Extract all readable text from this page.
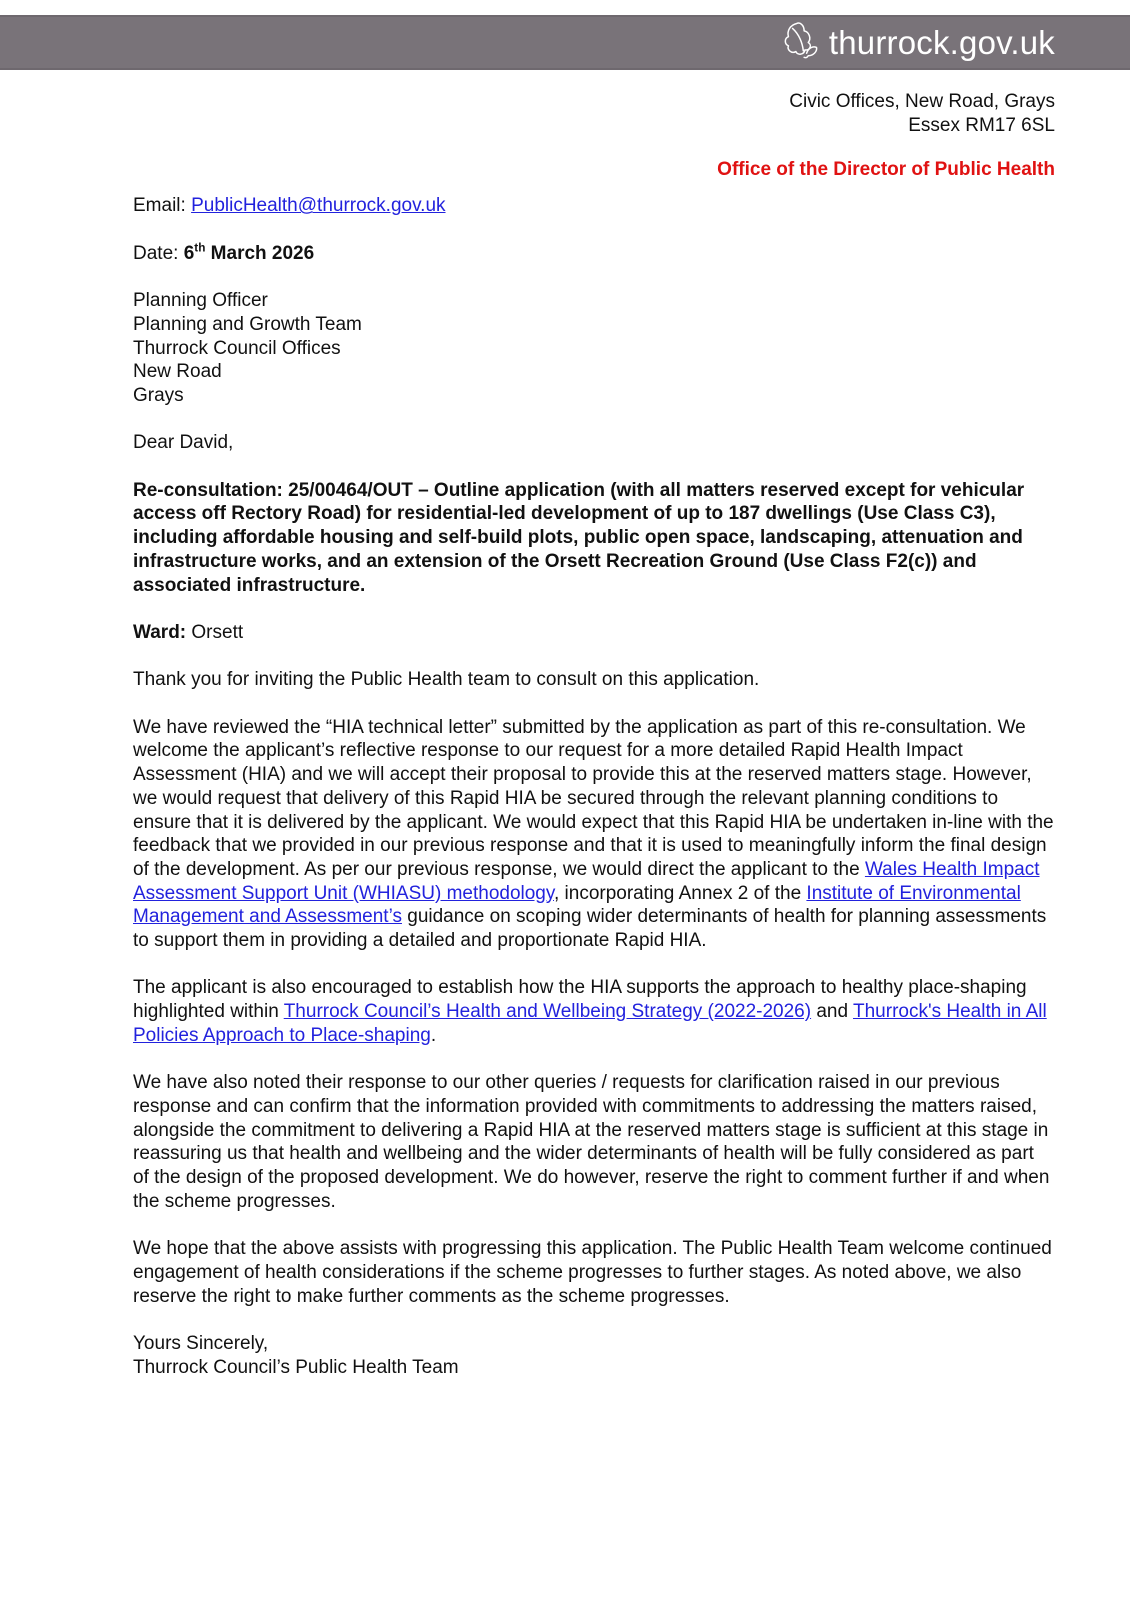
thurrock.gov.uk
Civic Offices, New Road, Grays
Essex RM17 6SL
Office of the Director of Public Health

Email: PublicHealth@thurrock.gov.uk

Date: 6th March 2026

Planning Officer
Planning and Growth Team
Thurrock Council Offices
New Road
Grays

Dear David,

Re-consultation: 25/00464/OUT – Outline application (with all matters reserved except for vehicular access off Rectory Road) for residential-led development of up to 187 dwellings (Use Class C3), including affordable housing and self-build plots, public open space, landscaping, attenuation and infrastructure works, and an extension of the Orsett Recreation Ground (Use Class F2(c)) and associated infrastructure.

Ward: Orsett

Thank you for inviting the Public Health team to consult on this application.

We have reviewed the “HIA technical letter” submitted by the application as part of this re-consultation. We welcome the applicant’s reflective response to our request for a more detailed Rapid Health Impact Assessment (HIA) and we will accept their proposal to provide this at the reserved matters stage. However, we would request that delivery of this Rapid HIA be secured through the relevant planning conditions to ensure that it is delivered by the applicant. We would expect that this Rapid HIA be undertaken in-line with the feedback that we provided in our previous response and that it is used to meaningfully inform the final design of the development. As per our previous response, we would direct the applicant to the Wales Health Impact Assessment Support Unit (WHIASU) methodology, incorporating Annex 2 of the Institute of Environmental Management and Assessment’s guidance on scoping wider determinants of health for planning assessments to support them in providing a detailed and proportionate Rapid HIA.

The applicant is also encouraged to establish how the HIA supports the approach to healthy place-shaping highlighted within Thurrock Council’s Health and Wellbeing Strategy (2022-2026) and Thurrock's Health in All Policies Approach to Place-shaping.

We have also noted their response to our other queries / requests for clarification raised in our previous response and can confirm that the information provided with commitments to addressing the matters raised, alongside the commitment to delivering a Rapid HIA at the reserved matters stage is sufficient at this stage in reassuring us that health and wellbeing and the wider determinants of health will be fully considered as part of the design of the proposed development. We do however, reserve the right to comment further if and when the scheme progresses.

We hope that the above assists with progressing this application. The Public Health Team welcome continued engagement of health considerations if the scheme progresses to further stages. As noted above, we also reserve the right to make further comments as the scheme progresses.

Yours Sincerely,
Thurrock Council’s Public Health Team
